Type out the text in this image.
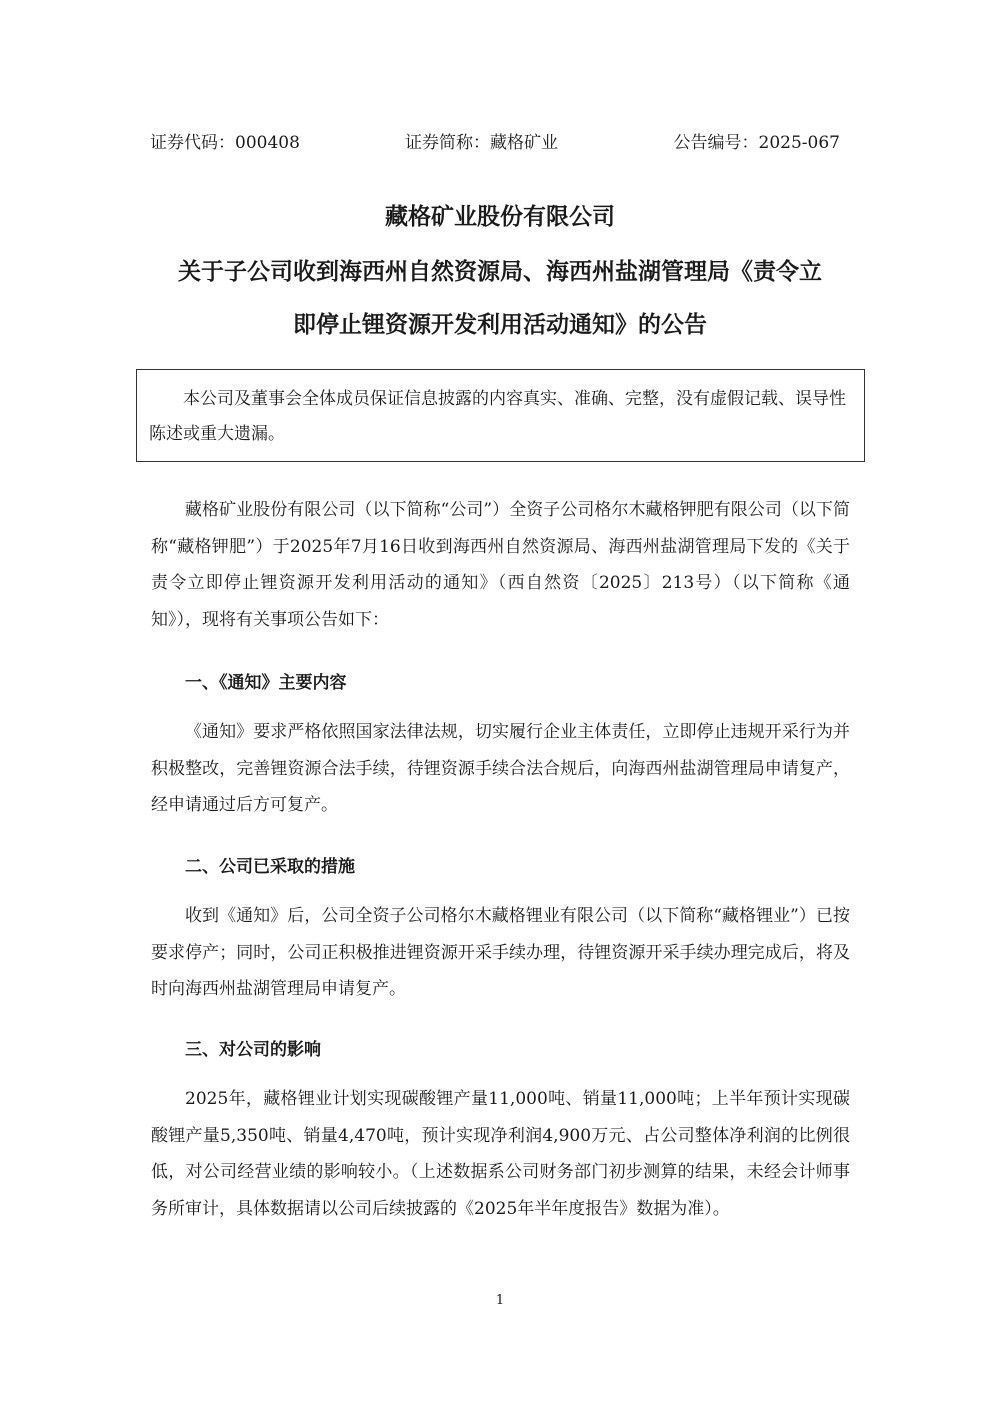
证券代码：000408	证券简称：藏格矿业	公告编号：2025-067
藏格矿业股份有限公司
关于子公司收到海西州自然资源局、海西州盐湖管理局《责令立
即停止锂资源开发利用活动通知》的公告
本公司及董事会全体成员保证信息披露的内容真实、准确、完整，没有虚假记载、误导性陈述或重大遗漏。
藏格矿业股份有限公司（以下简称“公司”）全资子公司格尔木藏格钾肥有限公司（以下简称“藏格钾肥”）于2025年7月16日收到海西州自然资源局、海西州盐湖管理局下发的《关于责令立即停止锂资源开发利用活动的通知》（西自然资〔2025〕213号）（以下简称《通知》），现将有关事项公告如下：
一、《通知》主要内容
《通知》要求严格依照国家法律法规，切实履行企业主体责任，立即停止违规开采行为并积极整改，完善锂资源合法手续，待锂资源手续合法合规后，向海西州盐湖管理局申请复产，经申请通过后方可复产。
二、公司已采取的措施
收到《通知》后，公司全资子公司格尔木藏格锂业有限公司（以下简称“藏格锂业”）已按要求停产；同时，公司正积极推进锂资源开采手续办理，待锂资源开采手续办理完成后，将及时向海西州盐湖管理局申请复产。
三、对公司的影响
2025年，藏格锂业计划实现碳酸锂产量11,000吨、销量11,000吨；上半年预计实现碳酸锂产量5,350吨、销量4,470吨，预计实现净利润4,900万元、占公司整体净利润的比例很低，对公司经营业绩的影响较小。（上述数据系公司财务部门初步测算的结果，未经会计师事务所审计，具体数据请以公司后续披露的《2025年半年度报告》数据为准）。
1
